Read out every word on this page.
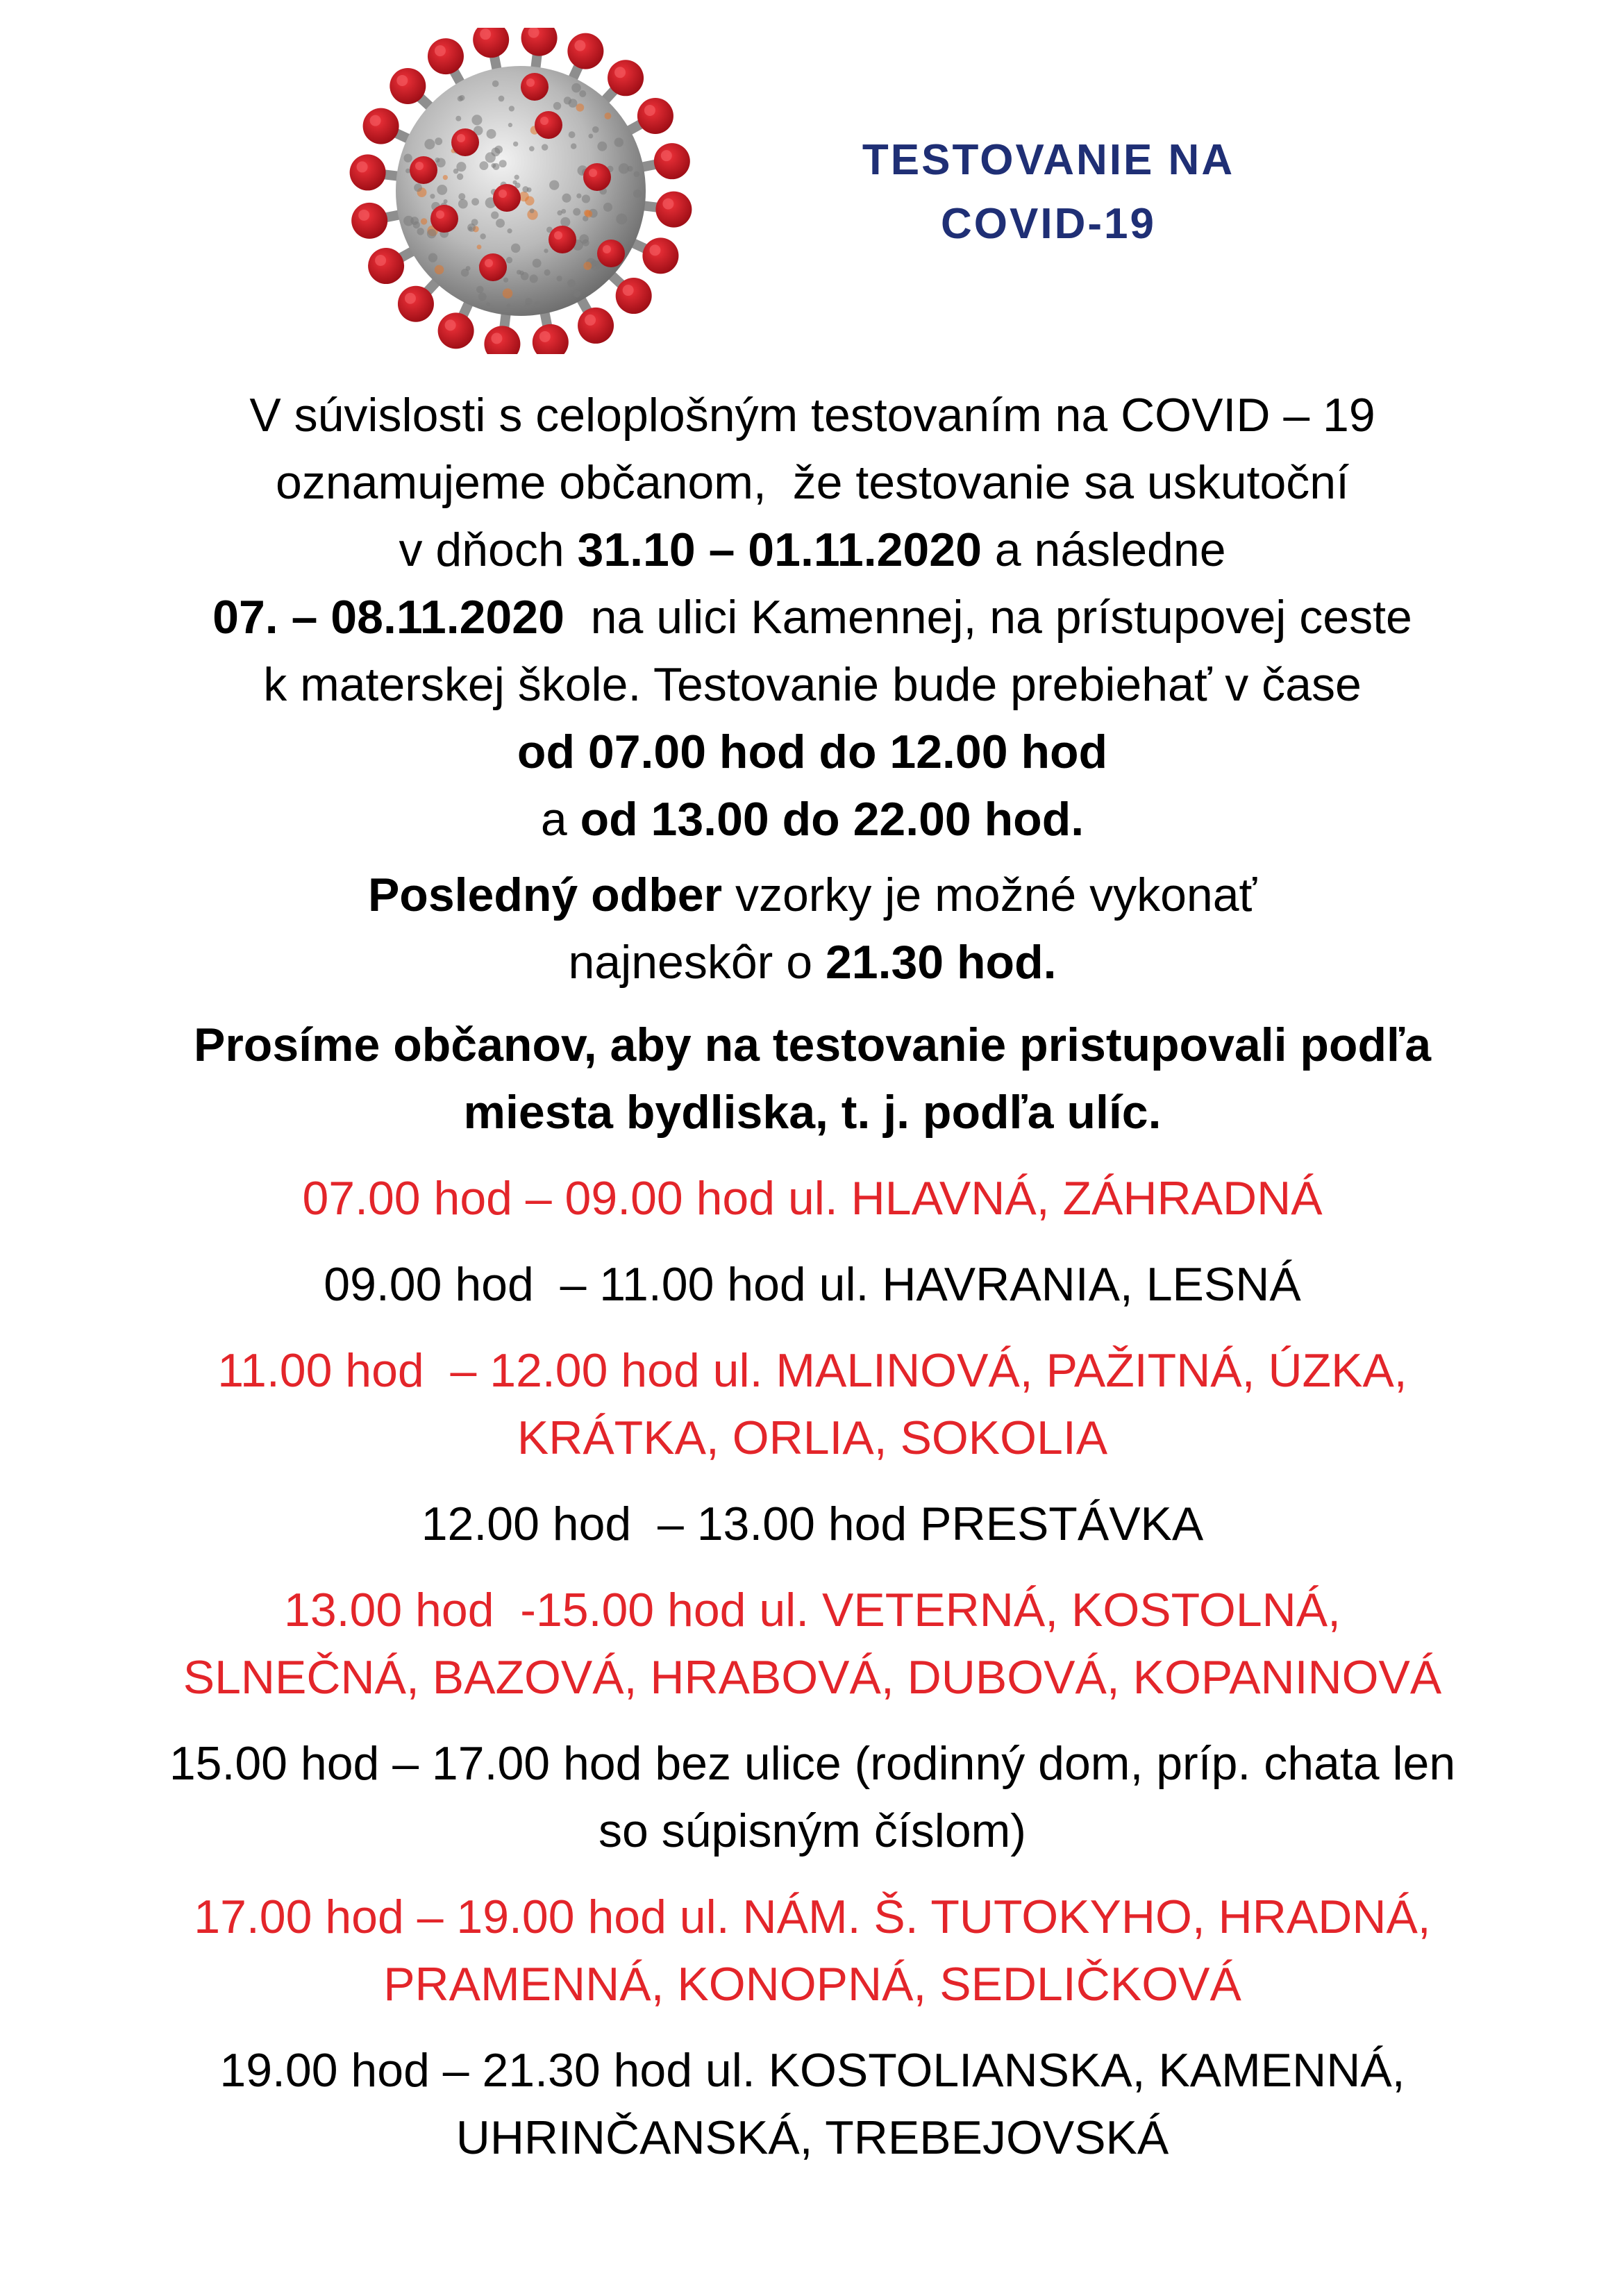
TESTOVANIE NA
COVID-19
V súvislosti s celoplošným testovaním na COVID – 19
oznamujeme občanom,  že testovanie sa uskutoční
v dňoch 31.10 – 01.11.2020 a následne
07. – 08.11.2020  na ulici Kamennej, na prístupovej ceste
k materskej škole. Testovanie bude prebiehať v čase
od 07.00 hod do 12.00 hod
a od 13.00 do 22.00 hod.
Posledný odber vzorky je možné vykonať
najneskôr o 21.30 hod.
Prosíme občanov, aby na testovanie pristupovali podľa
miesta bydliska, t. j. podľa ulíc.
07.00 hod – 09.00 hod ul. HLAVNÁ, ZÁHRADNÁ
09.00 hod  – 11.00 hod ul. HAVRANIA, LESNÁ
11.00 hod  – 12.00 hod ul. MALINOVÁ, PAŽITNÁ, ÚZKA,
KRÁTKA, ORLIA, SOKOLIA
12.00 hod  – 13.00 hod PRESTÁVKA
13.00 hod  -15.00 hod ul. VETERNÁ, KOSTOLNÁ,
SLNEČNÁ, BAZOVÁ, HRABOVÁ, DUBOVÁ, KOPANINOVÁ
15.00 hod – 17.00 hod bez ulice (rodinný dom, príp. chata len
so súpisným číslom)
17.00 hod – 19.00 hod ul. NÁM. Š. TUTOKYHO, HRADNÁ,
PRAMENNÁ, KONOPNÁ, SEDLIČKOVÁ
19.00 hod – 21.30 hod ul. KOSTOLIANSKA, KAMENNÁ,
UHRINČANSKÁ, TREBEJOVSKÁ
